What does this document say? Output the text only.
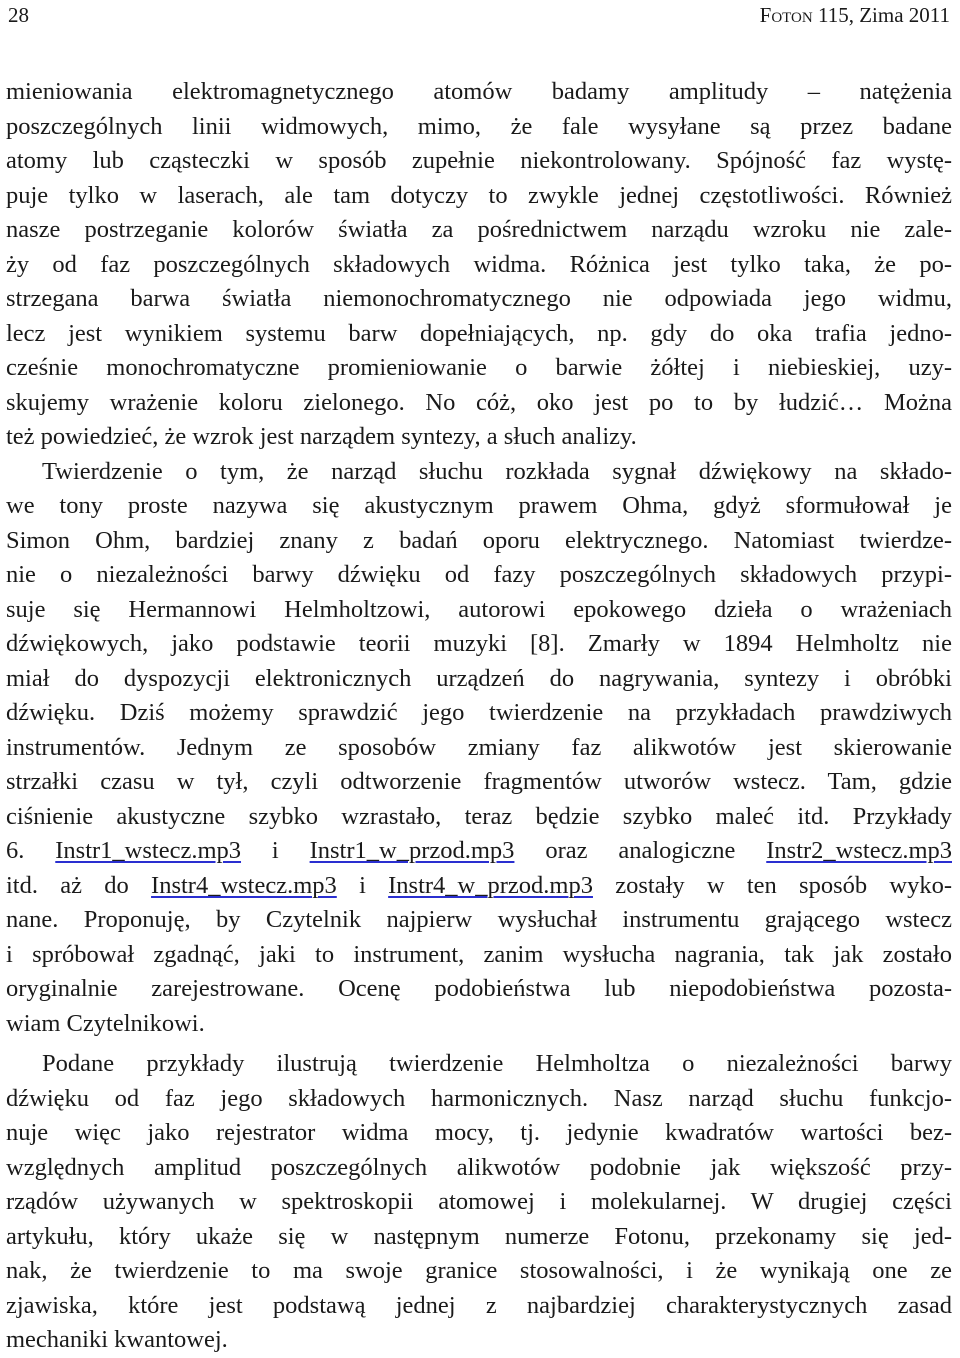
28	Foton 115, Zima 2011
mieniowania elektromagnetycznego atomów badamy amplitudy – natężenia
poszczególnych linii widmowych, mimo, że fale wysyłane są przez badane
atomy lub cząsteczki w sposób zupełnie niekontrolowany. Spójność faz wystę-
puje tylko w laserach, ale tam dotyczy to zwykle jednej częstotliwości. Również
nasze postrzeganie kolorów światła za pośrednictwem narządu wzroku nie zale-
ży od faz poszczególnych składowych widma. Różnica jest tylko taka, że po-
strzegana barwa światła niemonochromatycznego nie odpowiada jego widmu,
lecz jest wynikiem systemu barw dopełniających, np. gdy do oka trafia jedno-
cześnie monochromatyczne promieniowanie o barwie żółtej i niebieskiej, uzy-
skujemy wrażenie koloru zielonego. No cóż, oko jest po to by łudzić… Można
też powiedzieć, że wzrok jest narządem syntezy, a słuch analizy.
Twierdzenie o tym, że narząd słuchu rozkłada sygnał dźwiękowy na składo-
we tony proste nazywa się akustycznym prawem Ohma, gdyż sformułował je
Simon Ohm, bardziej znany z badań oporu elektrycznego. Natomiast twierdze-
nie o niezależności barwy dźwięku od fazy poszczególnych składowych przypi-
suje się Hermannowi Helmholtzowi, autorowi epokowego dzieła o wrażeniach
dźwiękowych, jako podstawie teorii muzyki [8]. Zmarły w 1894 Helmholtz nie
miał do dyspozycji elektronicznych urządzeń do nagrywania, syntezy i obróbki
dźwięku. Dziś możemy sprawdzić jego twierdzenie na przykładach prawdziwych
instrumentów. Jednym ze sposobów zmiany faz alikwotów jest skierowanie
strzałki czasu w tył, czyli odtworzenie fragmentów utworów wstecz. Tam, gdzie
ciśnienie akustyczne szybko wzrastało, teraz będzie szybko maleć itd. Przykłady
6. Instr1_wstecz.mp3 i Instr1_w_przod.mp3 oraz analogiczne Instr2_wstecz.mp3
itd. aż do Instr4_wstecz.mp3 i Instr4_w_przod.mp3 zostały w ten sposób wyko-
nane. Proponuję, by Czytelnik najpierw wysłuchał instrumentu grającego wstecz
i spróbował zgadnąć, jaki to instrument, zanim wysłucha nagrania, tak jak zostało
oryginalnie zarejestrowane. Ocenę podobieństwa lub niepodobieństwa pozosta-
wiam Czytelnikowi.
Podane przykłady ilustrują twierdzenie Helmholtza o niezależności barwy
dźwięku od faz jego składowych harmonicznych. Nasz narząd słuchu funkcjo-
nuje więc jako rejestrator widma mocy, tj. jedynie kwadratów wartości bez-
względnych amplitud poszczególnych alikwotów podobnie jak większość przy-
rządów używanych w spektroskopii atomowej i molekularnej. W drugiej części
artykułu, który ukaże się w następnym numerze Fotonu, przekonamy się jed-
nak, że twierdzenie to ma swoje granice stosowalności, i że wynikają one ze
zjawiska, które jest podstawą jednej z najbardziej charakterystycznych zasad
mechaniki kwantowej.
